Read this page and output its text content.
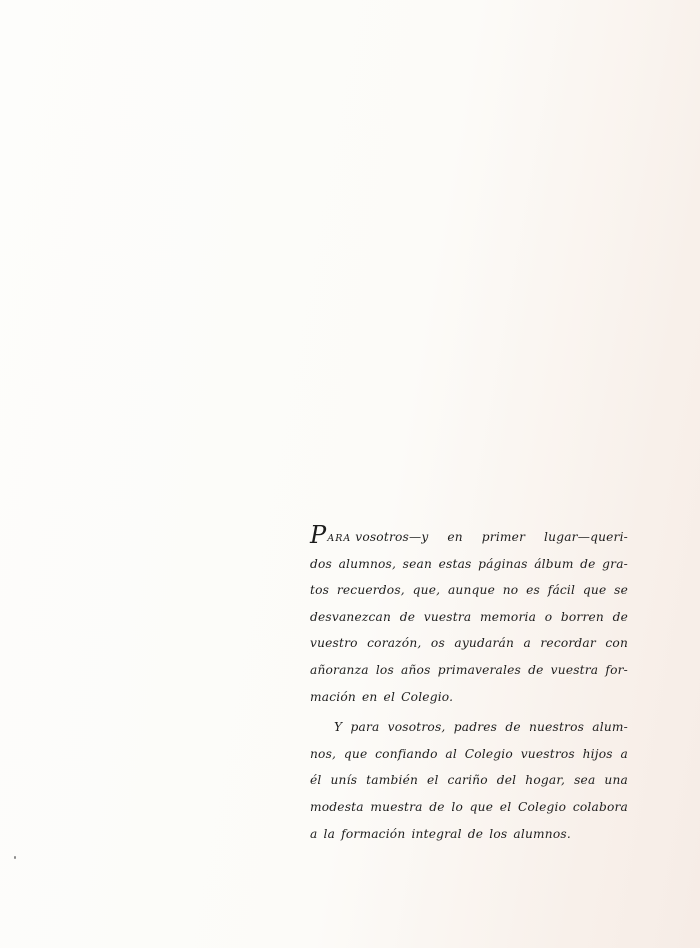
PARA vosotros—y en primer lugar—queri-
dos alumnos, sean estas páginas álbum de gra-
tos recuerdos, que, aunque no es fácil que se
desvanezcan de vuestra memoria o borren de
vuestro corazón, os ayudarán a recordar con
añoranza los años primaverales de vuestra for-
mación en el Colegio.
Y para vosotros, padres de nuestros alum-
nos, que confiando al Colegio vuestros hijos a
él unís también el cariño del hogar, sea una
modesta muestra de lo que el Colegio colabora
a la formación integral de los alumnos.
